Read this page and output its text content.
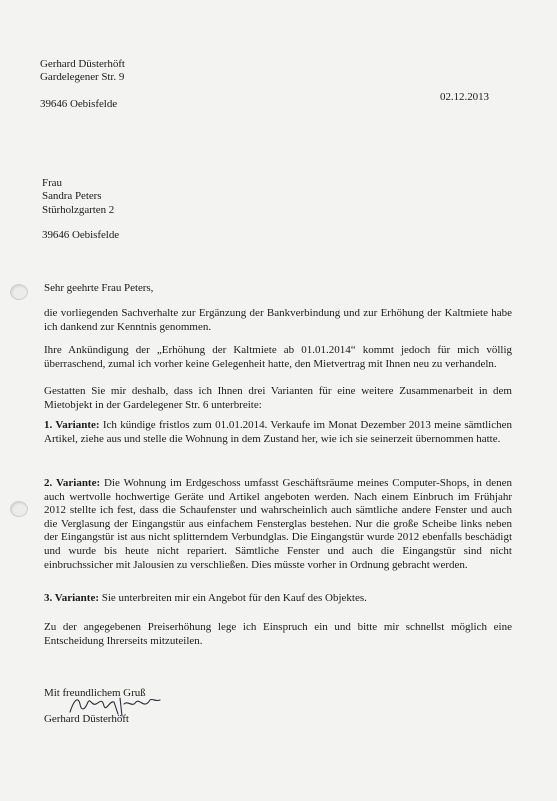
Gerhard Düsterhöft
Gardelegener Str. 9
39646 Oebisfelde
02.12.2013
Frau
Sandra Peters
Stürholzgarten 2
39646 Oebisfelde
Sehr geehrte Frau Peters,
die vorliegenden Sachverhalte zur Ergänzung der Bankverbindung und zur Erhöhung der Kaltmiete habe ich dankend zur Kenntnis genommen.
Ihre Ankündigung der „Erhöhung der Kaltmiete ab 01.01.2014“ kommt jedoch für mich völlig überraschend, zumal ich vorher keine Gelegenheit hatte, den Mietvertrag mit Ihnen neu zu verhandeln.
Gestatten Sie mir deshalb, dass ich Ihnen drei Varianten für eine weitere Zusammenarbeit in dem Mietobjekt in der Gardelegener Str. 6 unterbreite:
1. Variante: Ich kündige fristlos zum 01.01.2014. Verkaufe im Monat Dezember 2013 meine sämtlichen Artikel, ziehe aus und stelle die Wohnung in dem Zustand her, wie ich sie seinerzeit übernommen hatte.
2. Variante: Die Wohnung im Erdgeschoss umfasst Geschäftsräume meines Computer-Shops, in denen auch wertvolle hochwertige Geräte und Artikel angeboten werden. Nach einem Einbruch im Frühjahr 2012 stellte ich fest, dass die Schaufenster und wahrscheinlich auch sämtliche andere Fenster und auch die Verglasung der Eingangstür aus einfachem Fensterglas bestehen. Nur die große Scheibe links neben der Eingangstür ist aus nicht splitterndem Verbundglas. Die Eingangstür wurde 2012 ebenfalls beschädigt und wurde bis heute nicht repariert. Sämtliche Fenster und auch die Eingangstür sind nicht einbruchssicher mit Jalousien zu verschließen. Dies müsste vorher in Ordnung gebracht werden.
3. Variante: Sie unterbreiten mir ein Angebot für den Kauf des Objektes.
Zu der angegebenen Preiserhöhung lege ich Einspruch ein und bitte mir schnellst möglich eine Entscheidung Ihrerseits mitzuteilen.
Mit freundlichem Gruß
Gerhard Düsterhöft
